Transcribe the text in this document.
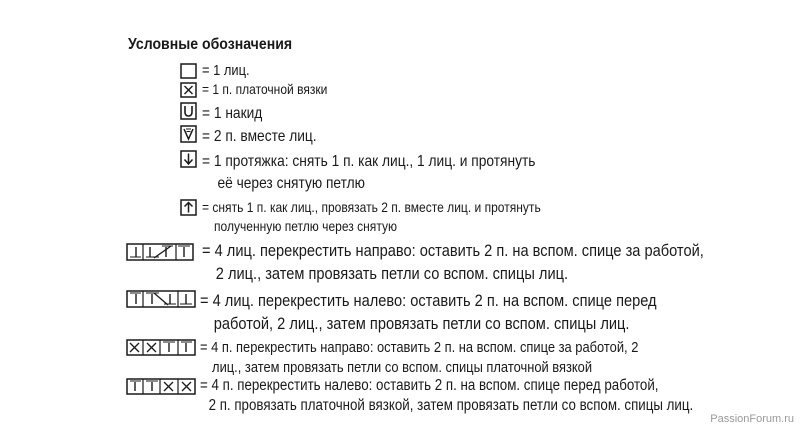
Условные обозначения
= 1 лиц.
= 1 п. платочной вязки
= 1 накид
= 2 п. вместе лиц.
= 1 протяжка: снять 1 п. как лиц., 1 лиц. и протянуть
её через снятую петлю
= снять 1 п. как лиц., провязать 2 п. вместе лиц. и протянуть
полученную петлю через снятую
= 4 лиц. перекрестить направо: оставить 2 п. на вспом. спице за работой,
2 лиц., затем провязать петли со вспом. спицы лиц.
= 4 лиц. перекрестить налево: оставить 2 п. на вспом. спице перед
работой, 2 лиц., затем провязать петли со вспом. спицы лиц.
= 4 п. перекрестить направо: оставить 2 п. на вспом. спице за работой, 2
лиц., затем провязать петли со вспом. спицы платочной вязкой
= 4 п. перекрестить налево: оставить 2 п. на вспом. спице перед работой,
2 п. провязать платочной вязкой, затем провязать петли со вспом. спицы лиц.
PassionForum.ru
